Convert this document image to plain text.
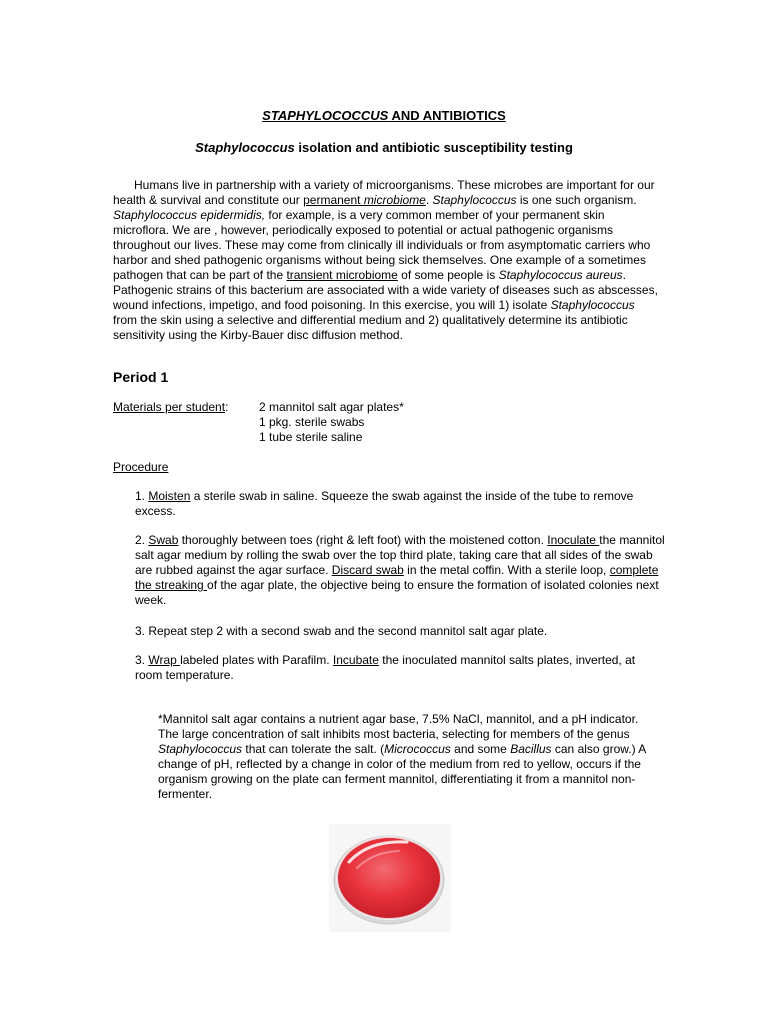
STAPHYLOCOCCUS AND ANTIBIOTICS
Staphylococcus isolation and antibiotic susceptibility testing
Humans live in partnership with a variety of microorganisms. These microbes are important for our health & survival and constitute our permanent microbiome. Staphylococcus is one such organism. Staphylococcus epidermidis, for example, is a very common member of your permanent skin microflora. We are , however, periodically exposed to potential or actual pathogenic organisms throughout our lives. These may come from clinically ill individuals or from asymptomatic carriers who harbor and shed pathogenic organisms without being sick themselves. One example of a sometimes pathogen that can be part of the transient microbiome of some people is Staphylococcus aureus. Pathogenic strains of this bacterium are associated with a wide variety of diseases such as abscesses, wound infections, impetigo, and food poisoning. In this exercise, you will 1) isolate Staphylococcus from the skin using a selective and differential medium and 2) qualitatively determine its antibiotic sensitivity using the Kirby-Bauer disc diffusion method.
Period 1
Materials per student:	2 mannitol salt agar plates*
1 pkg. sterile swabs
1 tube sterile saline
Procedure
1. Moisten a sterile swab in saline. Squeeze the swab against the inside of the tube to remove excess.
2. Swab thoroughly between toes (right & left foot) with the moistened cotton. Inoculate the mannitol salt agar medium by rolling the swab over the top third plate, taking care that all sides of the swab are rubbed against the agar surface. Discard swab in the metal coffin. With a sterile loop, complete the streaking of the agar plate, the objective being to ensure the formation of isolated colonies next week.
3. Repeat step 2 with a second swab and the second mannitol salt agar plate.
3. Wrap labeled plates with Parafilm. Incubate the inoculated mannitol salts plates, inverted, at room temperature.
*Mannitol salt agar contains a nutrient agar base, 7.5% NaCl, mannitol, and a pH indicator. The large concentration of salt inhibits most bacteria, selecting for members of the genus Staphylococcus that can tolerate the salt. (Micrococcus and some Bacillus can also grow.) A change of pH, reflected by a change in color of the medium from red to yellow, occurs if the organism growing on the plate can ferment mannitol, differentiating it from a mannitol non-fermenter.
